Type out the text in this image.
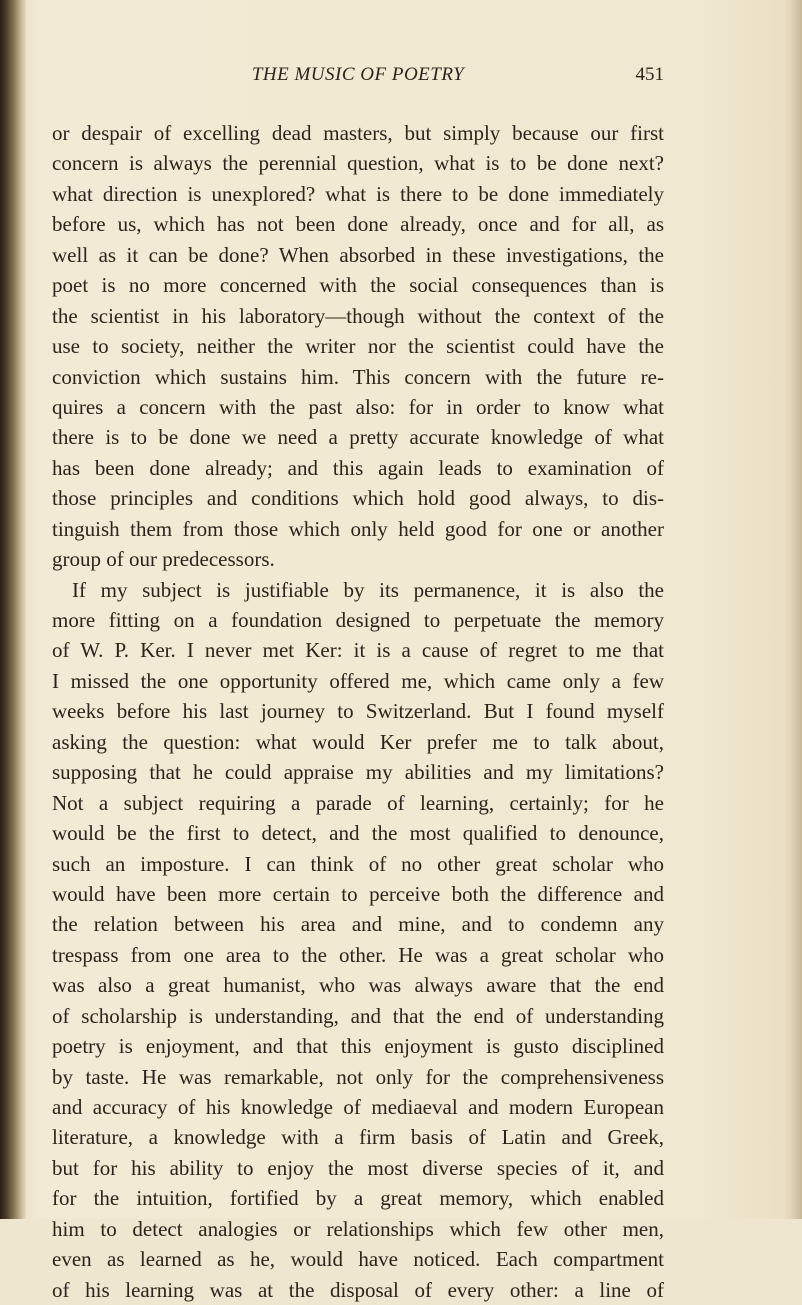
THE MUSIC OF POETRY	451
or despair of excelling dead masters, but simply because our first
concern is always the perennial question, what is to be done next?
what direction is unexplored? what is there to be done immediately
before us, which has not been done already, once and for all, as
well as it can be done? When absorbed in these investigations, the
poet is no more concerned with the social consequences than is
the scientist in his laboratory—though without the context of the
use to society, neither the writer nor the scientist could have the
conviction which sustains him. This concern with the future re-
quires a concern with the past also: for in order to know what
there is to be done we need a pretty accurate knowledge of what
has been done already; and this again leads to examination of
those principles and conditions which hold good always, to dis-
tinguish them from those which only held good for one or another
group of our predecessors.
If my subject is justifiable by its permanence, it is also the
more fitting on a foundation designed to perpetuate the memory
of W. P. Ker. I never met Ker: it is a cause of regret to me that
I missed the one opportunity offered me, which came only a few
weeks before his last journey to Switzerland. But I found myself
asking the question: what would Ker prefer me to talk about,
supposing that he could appraise my abilities and my limitations?
Not a subject requiring a parade of learning, certainly; for he
would be the first to detect, and the most qualified to denounce,
such an imposture. I can think of no other great scholar who
would have been more certain to perceive both the difference and
the relation between his area and mine, and to condemn any
trespass from one area to the other. He was a great scholar who
was also a great humanist, who was always aware that the end
of scholarship is understanding, and that the end of understanding
poetry is enjoyment, and that this enjoyment is gusto disciplined
by taste. He was remarkable, not only for the comprehensiveness
and accuracy of his knowledge of mediaeval and modern European
literature, a knowledge with a firm basis of Latin and Greek,
but for his ability to enjoy the most diverse species of it, and
for the intuition, fortified by a great memory, which enabled
him to detect analogies or relationships which few other men,
even as learned as he, would have noticed. Each compartment
of his learning was at the disposal of every other: a line of
